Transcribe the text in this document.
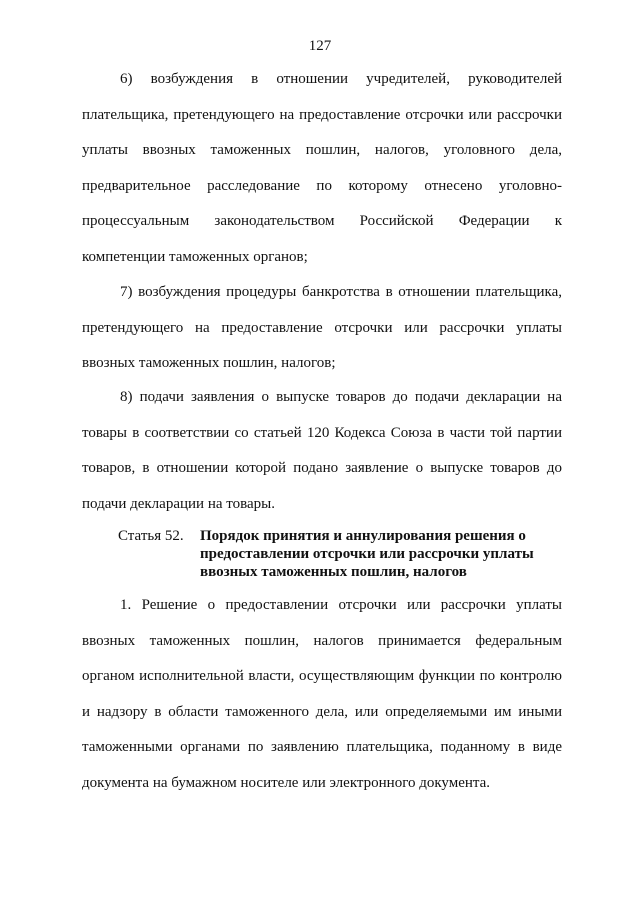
127

6) возбуждения в отношении учредителей, руководителей плательщика, претендующего на предоставление отсрочки или рассрочки уплаты ввозных таможенных пошлин, налогов, уголовного дела, предварительное расследование по которому отнесено уголовно-процессуальным законодательством Российской Федерации к компетенции таможенных органов;

7) возбуждения процедуры банкротства в отношении плательщика, претендующего на предоставление отсрочки или рассрочки уплаты ввозных таможенных пошлин, налогов;

8) подачи заявления о выпуске товаров до подачи декларации на товары в соответствии со статьей 120 Кодекса Союза в части той партии товаров, в отношении которой подано заявление о выпуске товаров до подачи декларации на товары.

Статья 52.	Порядок принятия и аннулирования решения о предоставлении отсрочки или рассрочки уплаты ввозных таможенных пошлин, налогов

1. Решение о предоставлении отсрочки или рассрочки уплаты ввозных таможенных пошлин, налогов принимается федеральным органом исполнительной власти, осуществляющим функции по контролю и надзору в области таможенного дела, или определяемыми им иными таможенными органами по заявлению плательщика, поданному в виде документа на бумажном носителе или электронного документа.
